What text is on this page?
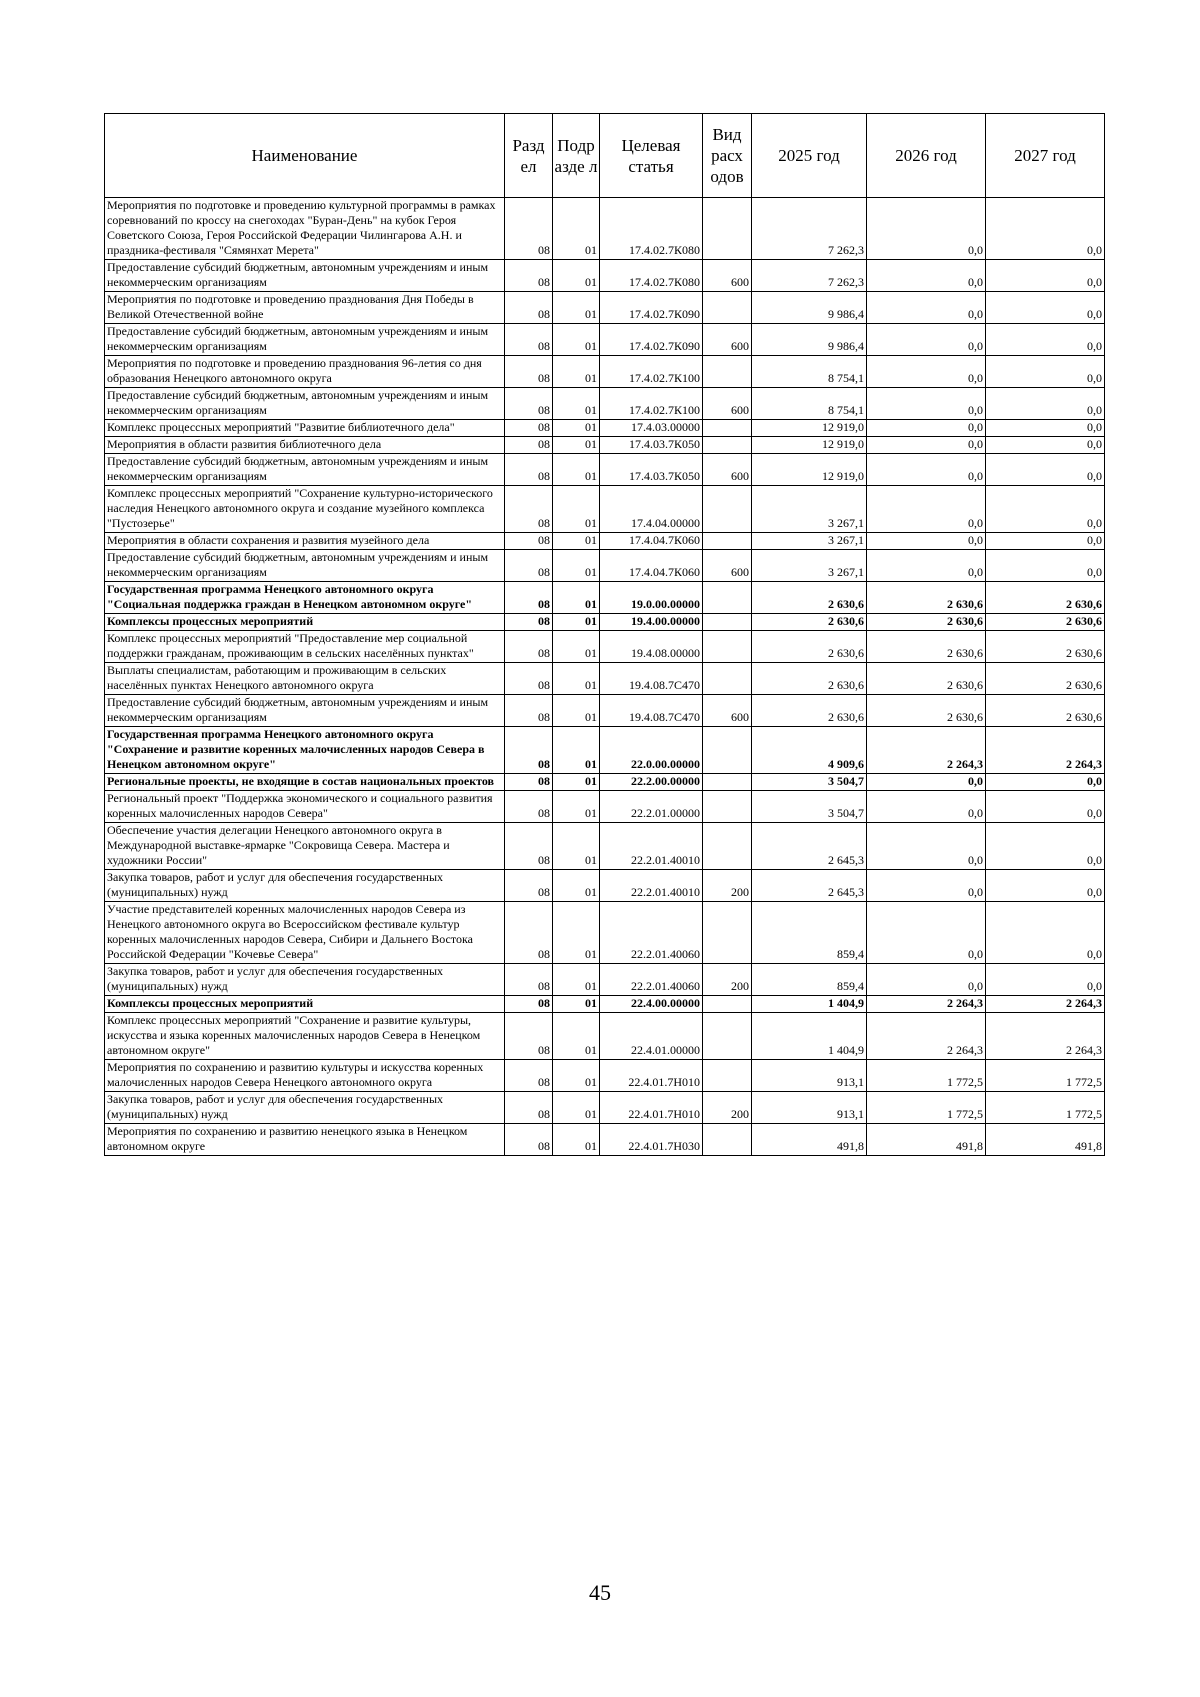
Наименование	Разд ел	Подр азде л	Целевая статья	Вид расх одов	2025 год	2026 год	2027 год
Мероприятия по подготовке и проведению культурной программы в рамках соревнований по кроссу на снегоходах "Буран-День" на кубок Героя Советского Союза, Героя Российской Федерации Чилингарова А.Н. и праздника-фестиваля "Сямянхат Мерета"	08	01	17.4.02.7К080		7 262,3	0,0	0,0
Предоставление субсидий бюджетным, автономным учреждениям и иным некоммерческим организациям	08	01	17.4.02.7К080	600	7 262,3	0,0	0,0
Мероприятия по подготовке и проведению празднования Дня Победы в Великой Отечественной войне	08	01	17.4.02.7К090		9 986,4	0,0	0,0
Предоставление субсидий бюджетным, автономным учреждениям и иным некоммерческим организациям	08	01	17.4.02.7К090	600	9 986,4	0,0	0,0
Мероприятия по подготовке и проведению празднования 96-летия со дня образования Ненецкого автономного округа	08	01	17.4.02.7К100		8 754,1	0,0	0,0
Предоставление субсидий бюджетным, автономным учреждениям и иным некоммерческим организациям	08	01	17.4.02.7К100	600	8 754,1	0,0	0,0
Комплекс процессных мероприятий "Развитие библиотечного дела"	08	01	17.4.03.00000		12 919,0	0,0	0,0
Мероприятия в области развития библиотечного дела	08	01	17.4.03.7К050		12 919,0	0,0	0,0
Предоставление субсидий бюджетным, автономным учреждениям и иным некоммерческим организациям	08	01	17.4.03.7К050	600	12 919,0	0,0	0,0
Комплекс процессных мероприятий "Сохранение культурно-исторического наследия Ненецкого автономного округа и создание музейного комплекса "Пустозерье"	08	01	17.4.04.00000		3 267,1	0,0	0,0
Мероприятия в области сохранения и развития музейного дела	08	01	17.4.04.7К060		3 267,1	0,0	0,0
Предоставление субсидий бюджетным, автономным учреждениям и иным некоммерческим организациям	08	01	17.4.04.7К060	600	3 267,1	0,0	0,0
Государственная программа Ненецкого автономного округа "Социальная поддержка граждан в Ненецком автономном округе"	08	01	19.0.00.00000		2 630,6	2 630,6	2 630,6
Комплексы процессных мероприятий	08	01	19.4.00.00000		2 630,6	2 630,6	2 630,6
Комплекс процессных мероприятий "Предоставление мер социальной поддержки гражданам, проживающим в сельских населённых пунктах"	08	01	19.4.08.00000		2 630,6	2 630,6	2 630,6
Выплаты специалистам, работающим и проживающим в сельских населённых пунктах Ненецкого автономного округа	08	01	19.4.08.7С470		2 630,6	2 630,6	2 630,6
Предоставление субсидий бюджетным, автономным учреждениям и иным некоммерческим организациям	08	01	19.4.08.7С470	600	2 630,6	2 630,6	2 630,6
Государственная программа Ненецкого автономного округа "Сохранение и развитие коренных малочисленных народов Севера в Ненецком автономном округе"	08	01	22.0.00.00000		4 909,6	2 264,3	2 264,3
Региональные проекты, не входящие в состав национальных проектов	08	01	22.2.00.00000		3 504,7	0,0	0,0
Региональный проект "Поддержка экономического и социального развития коренных малочисленных народов Севера"	08	01	22.2.01.00000		3 504,7	0,0	0,0
Обеспечение участия делегации Ненецкого автономного округа в Международной выставке-ярмарке "Сокровища Севера. Мастера и художники России"	08	01	22.2.01.40010		2 645,3	0,0	0,0
Закупка товаров, работ и услуг для обеспечения государственных (муниципальных) нужд	08	01	22.2.01.40010	200	2 645,3	0,0	0,0
Участие представителей коренных малочисленных народов Севера из Ненецкого автономного округа во Всероссийском фестивале культур коренных малочисленных народов Севера, Сибири и Дальнего Востока Российской Федерации "Кочевье Севера"	08	01	22.2.01.40060		859,4	0,0	0,0
Закупка товаров, работ и услуг для обеспечения государственных (муниципальных) нужд	08	01	22.2.01.40060	200	859,4	0,0	0,0
Комплексы процессных мероприятий	08	01	22.4.00.00000		1 404,9	2 264,3	2 264,3
Комплекс процессных мероприятий "Сохранение и развитие культуры, искусства и языка коренных малочисленных народов Севера в Ненецком автономном округе"	08	01	22.4.01.00000		1 404,9	2 264,3	2 264,3
Мероприятия по сохранению и развитию культуры и искусства коренных малочисленных народов Севера Ненецкого автономного округа	08	01	22.4.01.7Н010		913,1	1 772,5	1 772,5
Закупка товаров, работ и услуг для обеспечения государственных (муниципальных) нужд	08	01	22.4.01.7Н010	200	913,1	1 772,5	1 772,5
Мероприятия по сохранению и развитию ненецкого языка в Ненецком автономном округе	08	01	22.4.01.7Н030		491,8	491,8	491,8
45
